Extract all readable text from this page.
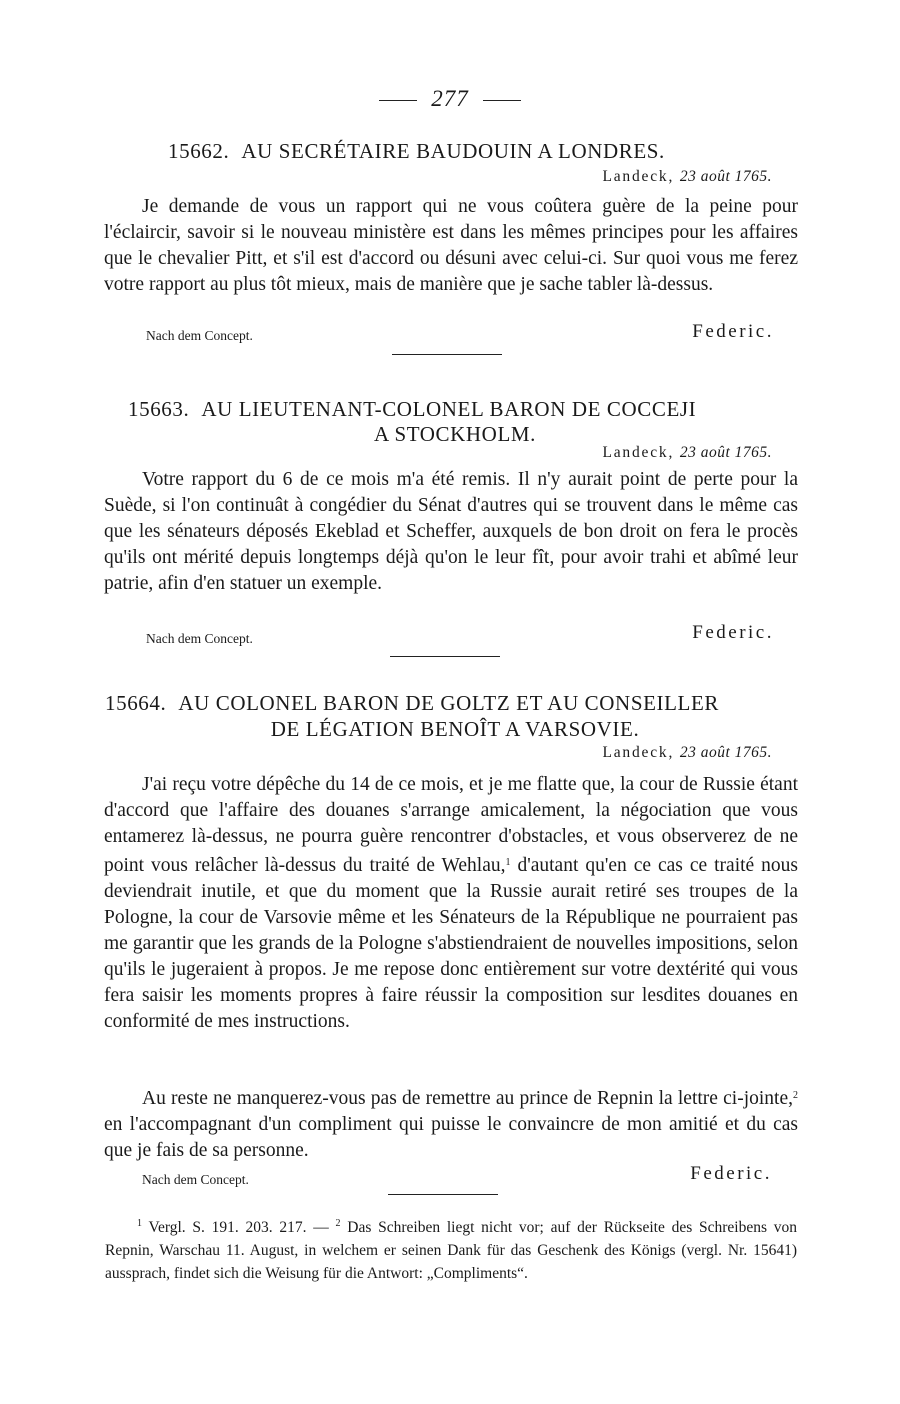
277
15662. AU SECRÉTAIRE BAUDOUIN A LONDRES.
Landeck, 23 août 1765.

Je demande de vous un rapport qui ne vous coûtera guère de la peine pour l'éclaircir, savoir si le nouveau ministère est dans les mêmes principes pour les affaires que le chevalier Pitt, et s'il est d'accord ou désuni avec celui-ci. Sur quoi vous me ferez votre rapport au plus tôt mieux, mais de manière que je sache tabler là-dessus.

Nach dem Concept.	Federic.
15663. AU LIEUTENANT-COLONEL BARON DE COCCEJI
A STOCKHOLM.
Landeck, 23 août 1765.

Votre rapport du 6 de ce mois m'a été remis. Il n'y aurait point de perte pour la Suède, si l'on continuât à congédier du Sénat d'autres qui se trouvent dans le même cas que les sénateurs déposés Ekeblad et Scheffer, auxquels de bon droit on fera le procès qu'ils ont mérité depuis longtemps déjà qu'on le leur fît, pour avoir trahi et abîmé leur patrie, afin d'en statuer un exemple.

Nach dem Concept.	Federic.
15664. AU COLONEL BARON DE GOLTZ ET AU CONSEILLER
DE LÉGATION BENOÎT A VARSOVIE.
Landeck, 23 août 1765.

J'ai reçu votre dépêche du 14 de ce mois, et je me flatte que, la cour de Russie étant d'accord que l'affaire des douanes s'arrange amicalement, la négociation que vous entamerez là-dessus, ne pourra guère rencontrer d'obstacles, et vous observerez de ne point vous relâcher là-dessus du traité de Wehlau,$^1$ d'autant qu'en ce cas ce traité nous deviendrait inutile, et que du moment que la Russie aurait retiré ses troupes de la Pologne, la cour de Varsovie même et les Sénateurs de la République ne pourraient pas me garantir que les grands de la Pologne s'abstiendraient de nouvelles impositions, selon qu'ils le jugeraient à propos. Je me repose donc entièrement sur votre dextérité qui vous fera saisir les moments propres à faire réussir la composition sur lesdites douanes en conformité de mes instructions.

Au reste ne manquerez-vous pas de remettre au prince de Repnin la lettre ci-jointe,$^2$ en l'accompagnant d'un compliment qui puisse le convaincre de mon amitié et du cas que je fais de sa personne.

Nach dem Concept.	Federic.

$^1$ Vergl. S. 191. 203. 217. — $^2$ Das Schreiben liegt nicht vor; auf der Rückseite des Schreibens von Repnin, Warschau 11. August, in welchem er seinen Dank für das Geschenk des Königs (vergl. Nr. 15641) aussprach, findet sich die Weisung für die Antwort: „Compliments“.
